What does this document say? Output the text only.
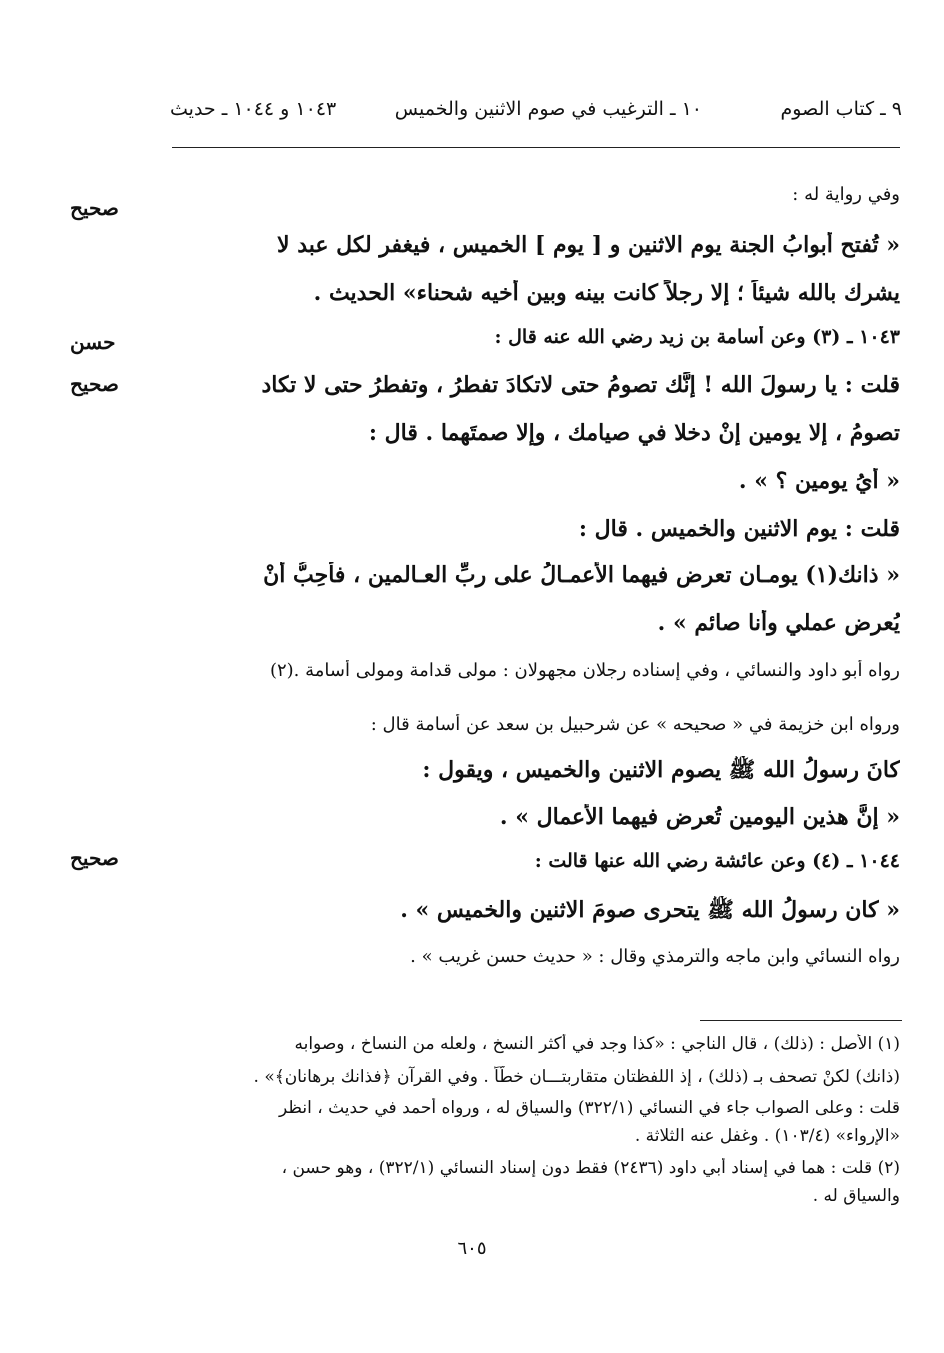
٩ ـ كتاب الصوم
١٠ ـ الترغيب في صوم الاثنين والخميس
١٠٤٣ و ١٠٤٤ ـ حديث
صحيح
حسن
صحيح
صحيح
وفي رواية له :
« تُفتح أبوابُ الجنة يوم الاثنين و [ يوم ] الخميس ، فيغفر لكل عبد لا
يشرك بالله شيئاً ؛ إلا رجلاً كانت بينه وبين أخيه شحناء» الحديث .
١٠٤٣ ـ (٣) وعن أسامة بن زيد رضي الله عنه قال :
قلت : يا رسولَ الله ! إنَّك تصومُ حتى لاتكادَ تفطرُ ، وتفطرُ حتى لا تكاد
تصومُ ، إلا يومين إنْ دخلا في صيامك ، وإلا صمتَهما . قال :
« أيُ يومين ؟ » .
قلت : يوم الاثنين والخميس . قال :
« ذانك(١) يومـان تعرض فيهما الأعمـالُ على ربِّ العـالمين ، فأُحِبُّ أنْ
يُعرض عملي وأنا صائم » .
رواه أبو داود والنسائي ، وفي إسناده رجلان مجهولان : مولى قدامة ومولى أسامة .(٢)
ورواه ابن خزيمة في « صحيحه » عن شرحبيل بن سعد عن أسامة قال :
كانَ رسولُ الله ﷺ يصوم الاثنين والخميس ، ويقول :
« إنَّ هذين اليومين تُعرض فيهما الأعمال » .
١٠٤٤ ـ (٤) وعن عائشة رضي الله عنها قالت :
« كان رسولُ الله ﷺ يتحرى صومَ الاثنين والخميس » .
رواه النسائي وابن ماجه والترمذي وقال : « حديث حسن غريب » .
(١) الأصل : (ذلك) ، قال الناجي : «كذا وجد في أكثر النسخ ، ولعله من النساخ ، وصوابه
(ذانك) لكنْ تصحف بـ (ذلك) ، إذ اللفظتان متقاربتـــان خطّاً . وفي القرآن ﴿فذانك برهانان﴾» .
قلت : وعلى الصواب جاء في النسائي (٣٢٢/١) والسياق له ، ورواه أحمد في حديث ، انظر
«الإرواء» (١٠٣/٤) . وغفل عنه الثلاثة .
(٢) قلت : هما في إسناد أبي داود (٢٤٣٦) فقط دون إسناد النسائي (٣٢٢/١) ، وهو حسن ،
والسياق له .
٦٠٥
